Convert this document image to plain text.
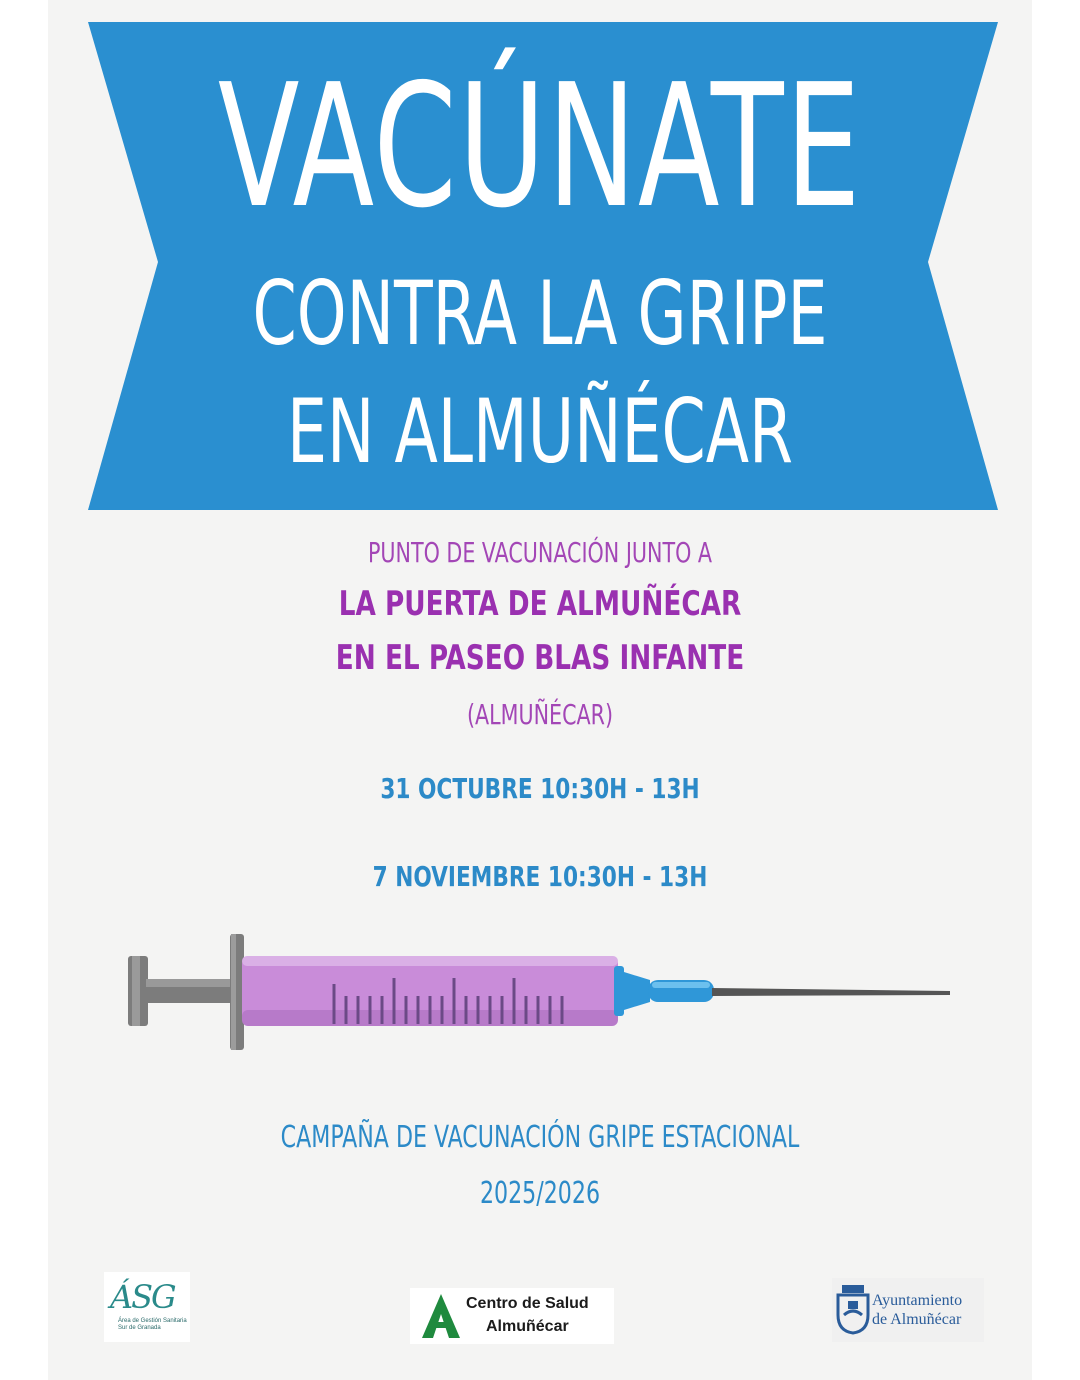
VACÚNATE
CONTRA LA GRIPE
EN ALMUÑÉCAR
PUNTO DE VACUNACIÓN JUNTO A
LA PUERTA DE ALMUÑÉCAR
EN EL PASEO BLAS INFANTE
(ALMUÑÉCAR)
31 OCTUBRE 10:30H - 13H
7 NOVIEMBRE 10:30H - 13H
CAMPAÑA DE VACUNACIÓN GRIPE ESTACIONAL
2025/2026
ÁSG
Área de Gestión Sanitaria Sur de Granada
Centro de Salud
Almuñécar
Ayuntamiento
de Almuñécar
